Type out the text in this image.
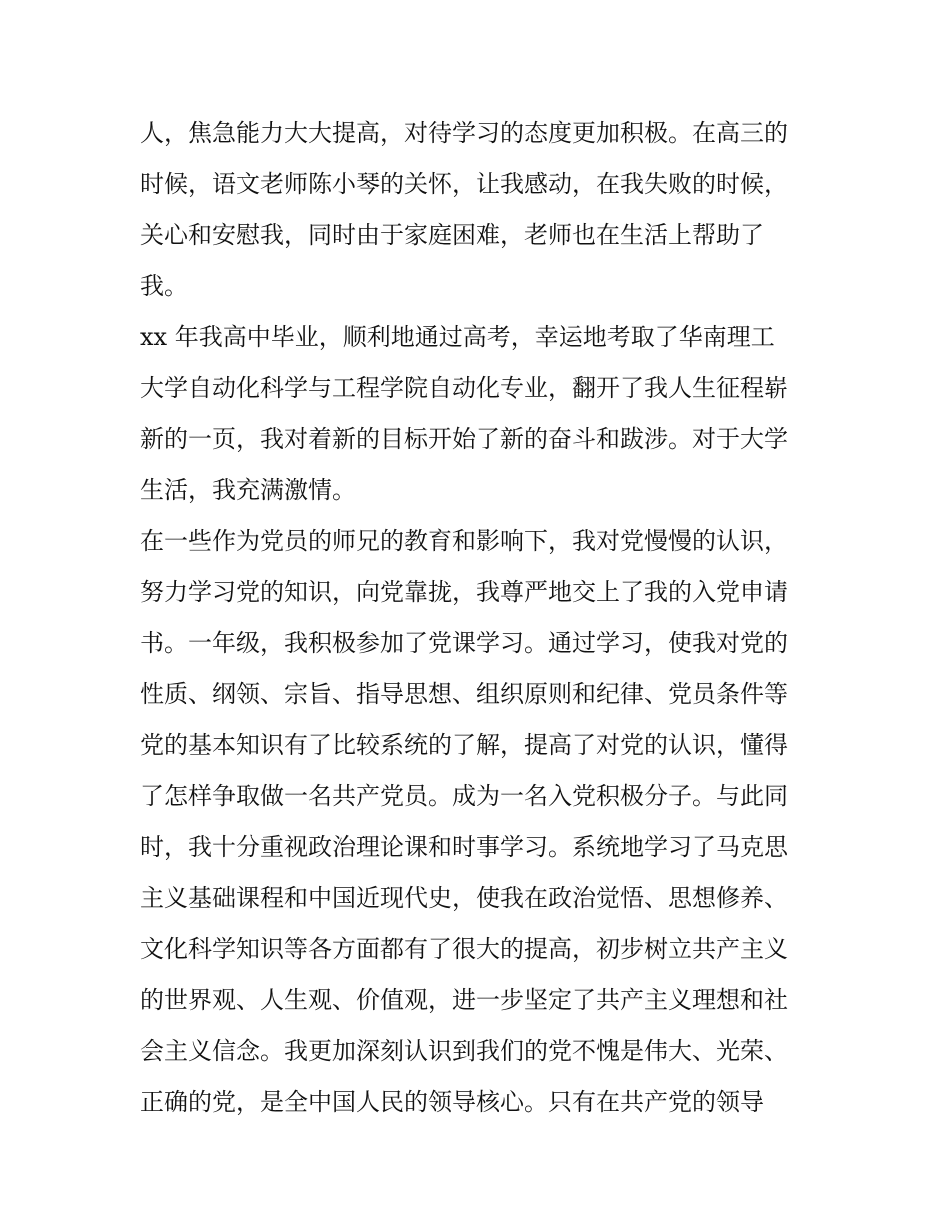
人，焦急能力大大提高，对待学习的态度更加积极。在高三的
时候，语文老师陈小琴的关怀，让我感动，在我失败的时候，
关心和安慰我，同时由于家庭困难，老师也在生活上帮助了
我。
xx 年我高中毕业，顺利地通过高考，幸运地考取了华南理工
大学自动化科学与工程学院自动化专业，翻开了我人生征程崭
新的一页，我对着新的目标开始了新的奋斗和跋涉。对于大学
生活，我充满激情。
在一些作为党员的师兄的教育和影响下，我对党慢慢的认识，
努力学习党的知识，向党靠拢，我尊严地交上了我的入党申请
书。一年级，我积极参加了党课学习。通过学习，使我对党的
性质、纲领、宗旨、指导思想、组织原则和纪律、党员条件等
党的基本知识有了比较系统的了解，提高了对党的认识，懂得
了怎样争取做一名共产党员。成为一名入党积极分子。与此同
时，我十分重视政治理论课和时事学习。系统地学习了马克思
主义基础课程和中国近现代史，使我在政治觉悟、思想修养、
文化科学知识等各方面都有了很大的提高，初步树立共产主义
的世界观、人生观、价值观，进一步坚定了共产主义理想和社
会主义信念。我更加深刻认识到我们的党不愧是伟大、光荣、
正确的党，是全中国人民的领导核心。只有在共产党的领导
